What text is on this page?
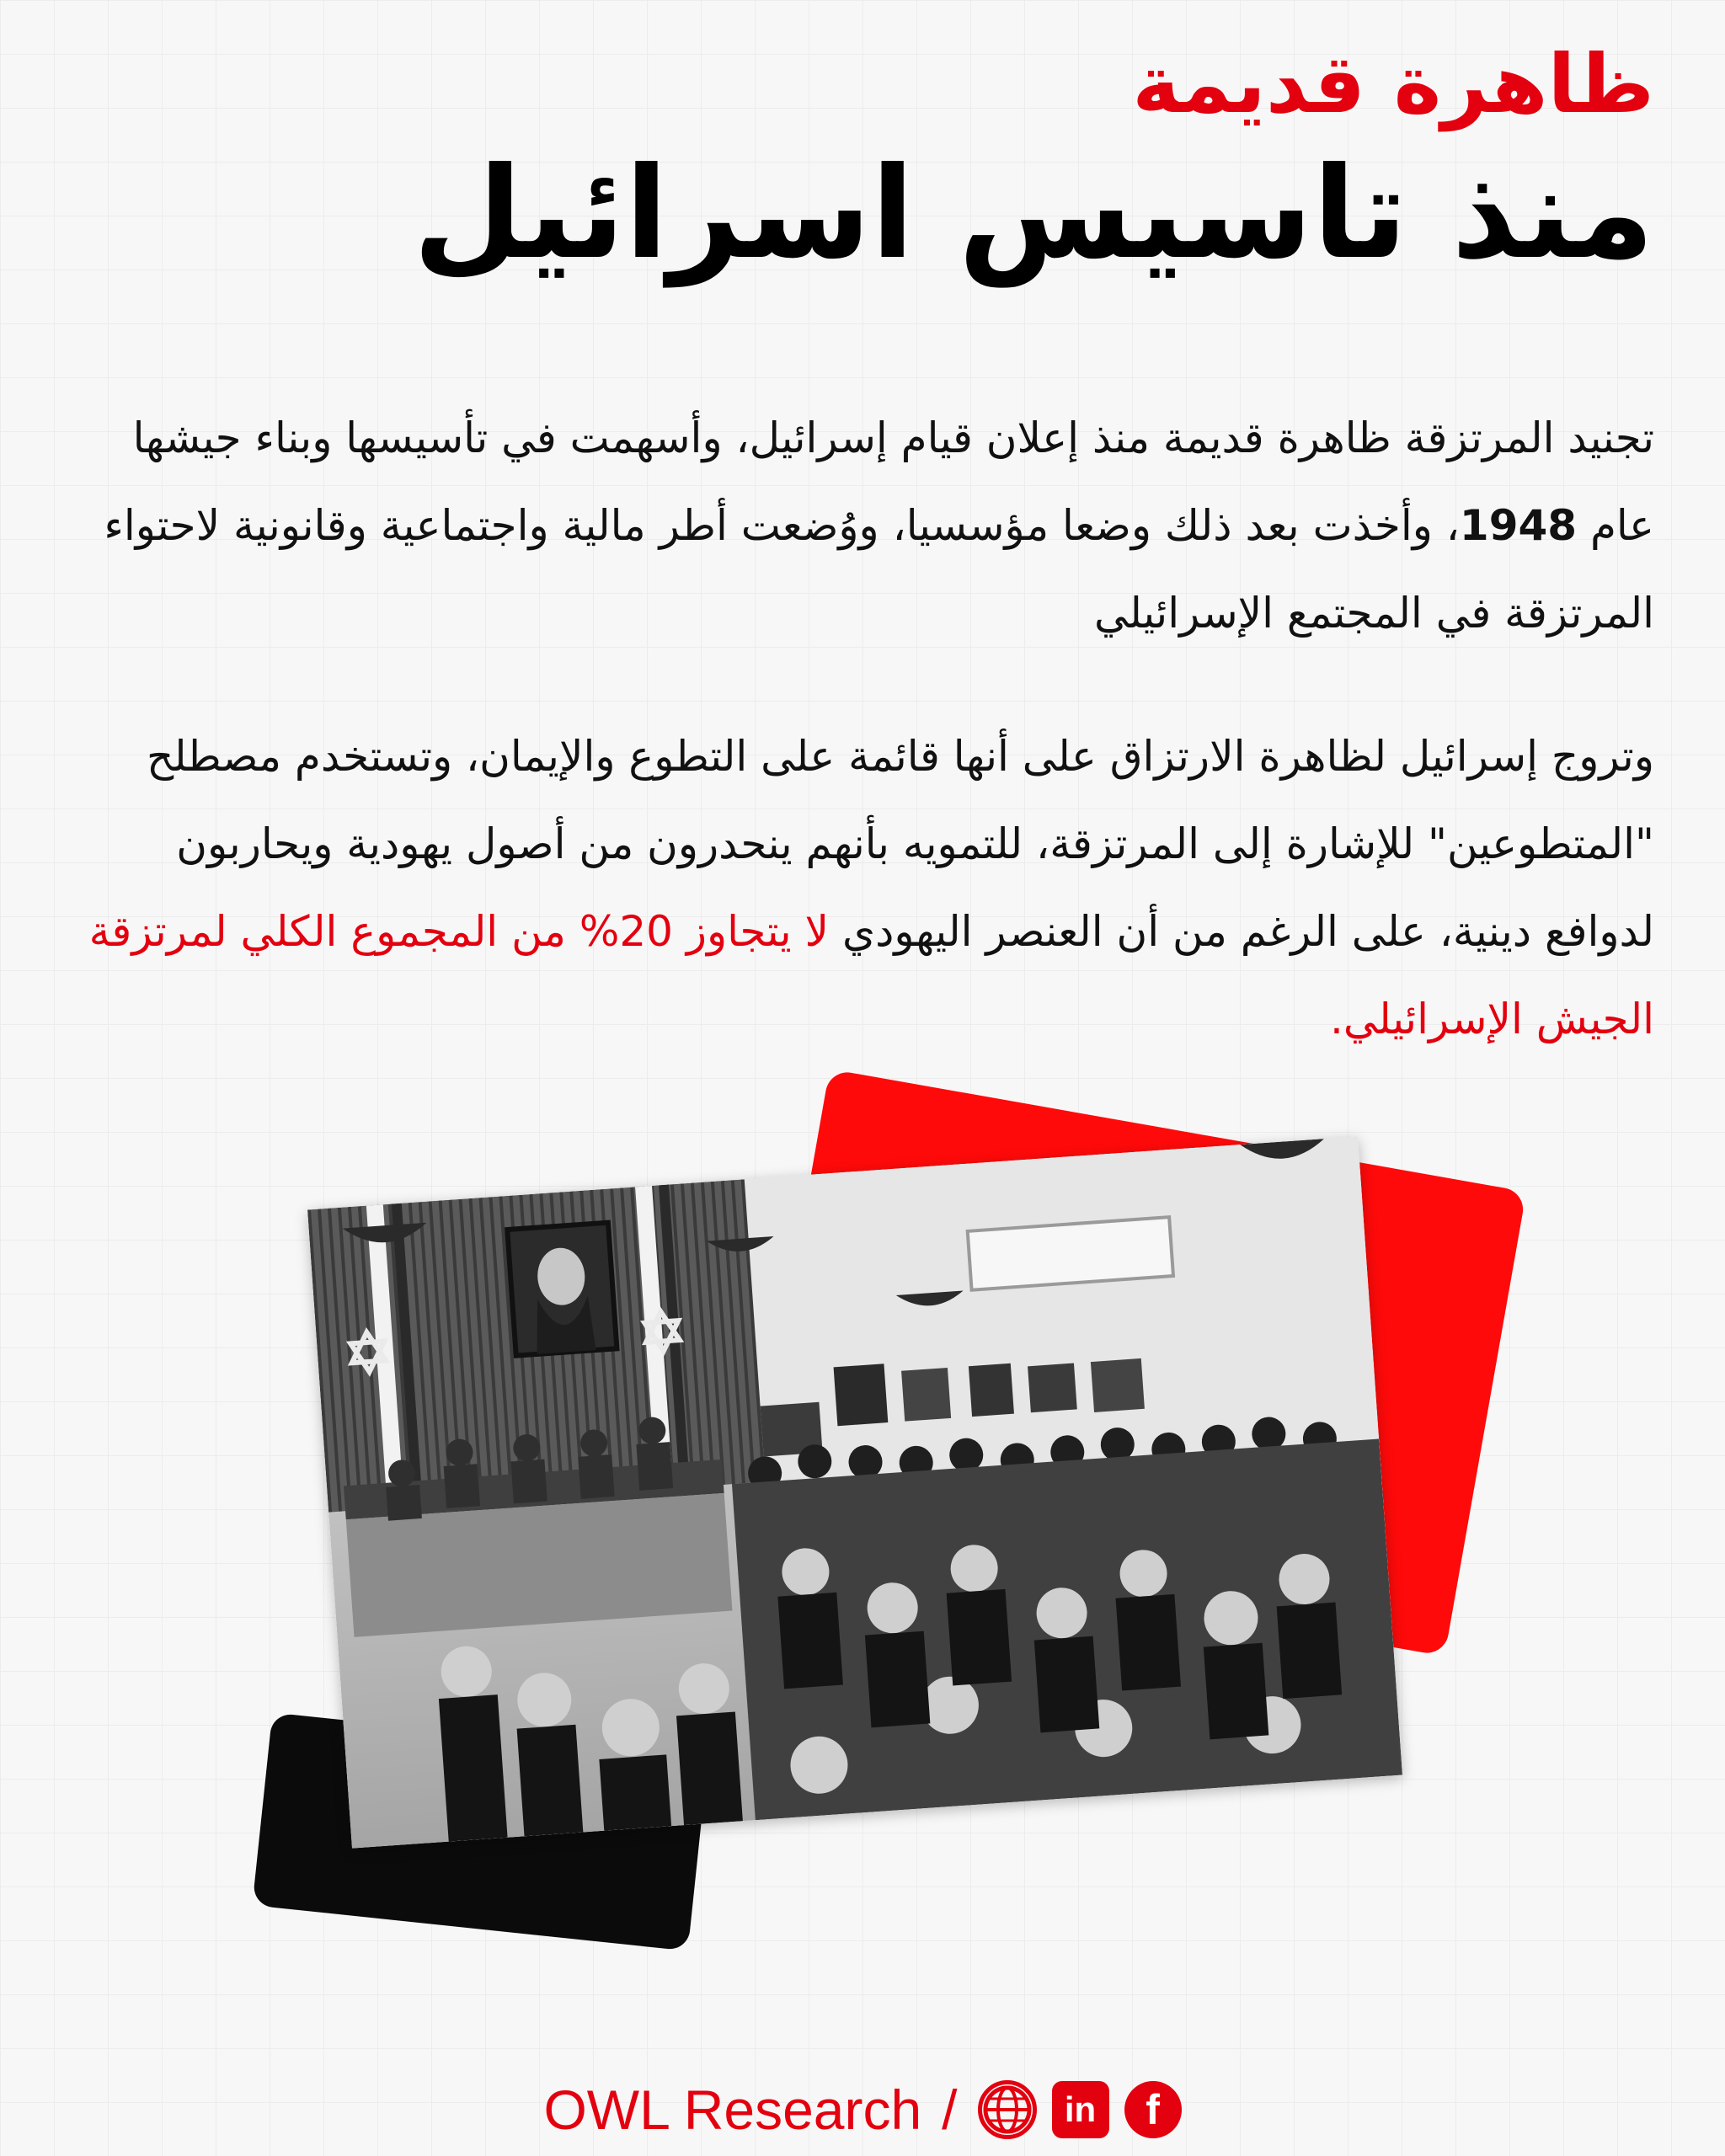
ظاهرة قديمة
منذ تاسيس اسرائيل
تجنيد المرتزقة ظاهرة قديمة منذ إعلان قيام إسرائيل، وأسهمت في تأسيسها وبناء جيشها عام 1948، وأخذت بعد ذلك وضعا مؤسسيا، ووُضعت أطر مالية واجتماعية وقانونية لاحتواء المرتزقة في المجتمع الإسرائيلي
وتروج إسرائيل لظاهرة الارتزاق على أنها قائمة على التطوع والإيمان، وتستخدم مصطلح "المتطوعين" للإشارة إلى المرتزقة، للتمويه بأنهم ينحدرون من أصول يهودية ويحاربون لدوافع دينية، على الرغم من أن العنصر اليهودي لا يتجاوز 20% من المجموع الكلي لمرتزقة الجيش الإسرائيلي.
OWL Research /	in	f
